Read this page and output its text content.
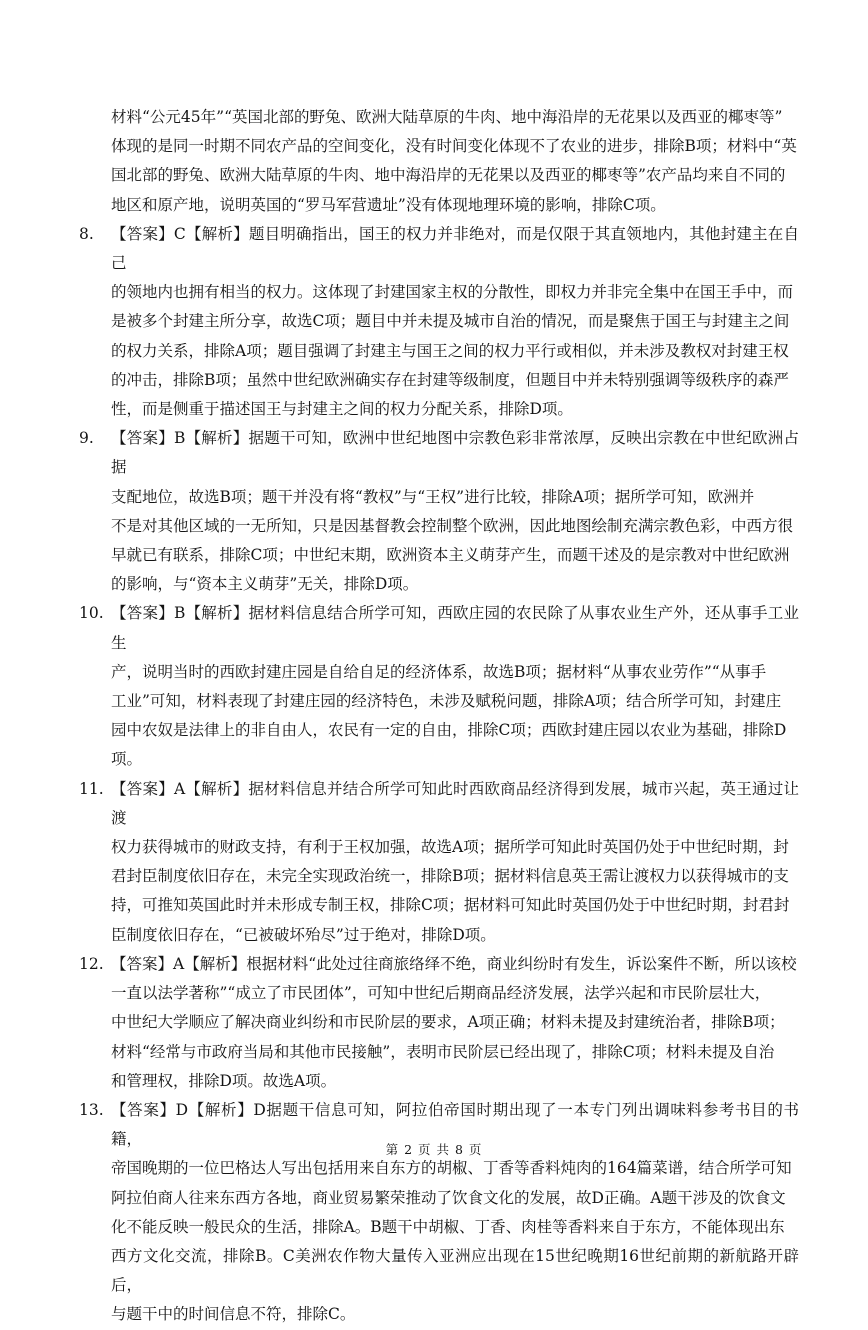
材料“公元45年”“英国北部的野兔、欧洲大陆草原的牛肉、地中海沿岸的无花果以及西亚的椰枣等”
体现的是同一时期不同农产品的空间变化，没有时间变化体现不了农业的进步，排除B项；材料中“英
国北部的野兔、欧洲大陆草原的牛肉、地中海沿岸的无花果以及西亚的椰枣等”农产品均来自不同的
地区和原产地，说明英国的“罗马军营遗址”没有体现地理环境的影响，排除C项。
8.	【答案】C【解析】题目明确指出，国王的权力并非绝对，而是仅限于其直领地内，其他封建主在自己
的领地内也拥有相当的权力。这体现了封建国家主权的分散性，即权力并非完全集中在国王手中，而
是被多个封建主所分享，故选C项；题目中并未提及城市自治的情况，而是聚焦于国王与封建主之间
的权力关系，排除A项；题目强调了封建主与国王之间的权力平行或相似，并未涉及教权对封建王权
的冲击，排除B项；虽然中世纪欧洲确实存在封建等级制度，但题目中并未特别强调等级秩序的森严
性，而是侧重于描述国王与封建主之间的权力分配关系，排除D项。
9.	【答案】B【解析】据题干可知，欧洲中世纪地图中宗教色彩非常浓厚，反映出宗教在中世纪欧洲占据
支配地位，故选B项；题干并没有将“教权”与“王权”进行比较，排除A项；据所学可知，欧洲并
不是对其他区域的一无所知，只是因基督教会控制整个欧洲，因此地图绘制充满宗教色彩，中西方很
早就已有联系，排除C项；中世纪末期，欧洲资本主义萌芽产生，而题干述及的是宗教对中世纪欧洲
的影响，与“资本主义萌芽”无关，排除D项。
10. 【答案】B【解析】据材料信息结合所学可知，西欧庄园的农民除了从事农业生产外，还从事手工业生
产，说明当时的西欧封建庄园是自给自足的经济体系，故选B项；据材料“从事农业劳作”“从事手
工业”可知，材料表现了封建庄园的经济特色，未涉及赋税问题，排除A项；结合所学可知，封建庄
园中农奴是法律上的非自由人，农民有一定的自由，排除C项；西欧封建庄园以农业为基础，排除D
项。
11. 【答案】A【解析】据材料信息并结合所学可知此时西欧商品经济得到发展，城市兴起，英王通过让渡
权力获得城市的财政支持，有利于王权加强，故选A项；据所学可知此时英国仍处于中世纪时期，封
君封臣制度依旧存在，未完全实现政治统一，排除B项；据材料信息英王需让渡权力以获得城市的支
持，可推知英国此时并未形成专制王权，排除C项；据材料可知此时英国仍处于中世纪时期，封君封
臣制度依旧存在，“已被破坏殆尽”过于绝对，排除D项。
12. 【答案】A【解析】根据材料“此处过往商旅络绎不绝，商业纠纷时有发生，诉讼案件不断，所以该校
一直以法学著称”“成立了市民团体”，可知中世纪后期商品经济发展，法学兴起和市民阶层壮大，
中世纪大学顺应了解决商业纠纷和市民阶层的要求，A项正确；材料未提及封建统治者，排除B项；
材料“经常与市政府当局和其他市民接触”，表明市民阶层已经出现了，排除C项；材料未提及自治
和管理权，排除D项。故选A项。
13. 【答案】D【解析】D据题干信息可知，阿拉伯帝国时期出现了一本专门列出调味料参考书目的书籍，
帝国晚期的一位巴格达人写出包括用来自东方的胡椒、丁香等香料炖肉的164篇菜谱，结合所学可知
阿拉伯商人往来东西方各地，商业贸易繁荣推动了饮食文化的发展，故D正确。A题干涉及的饮食文
化不能反映一般民众的生活，排除A。B题干中胡椒、丁香、肉桂等香料来自于东方，不能体现出东
西方文化交流，排除B。C美洲农作物大量传入亚洲应出现在15世纪晚期16世纪前期的新航路开辟后，
与题干中的时间信息不符，排除C。
第 2 页 共 8 页
